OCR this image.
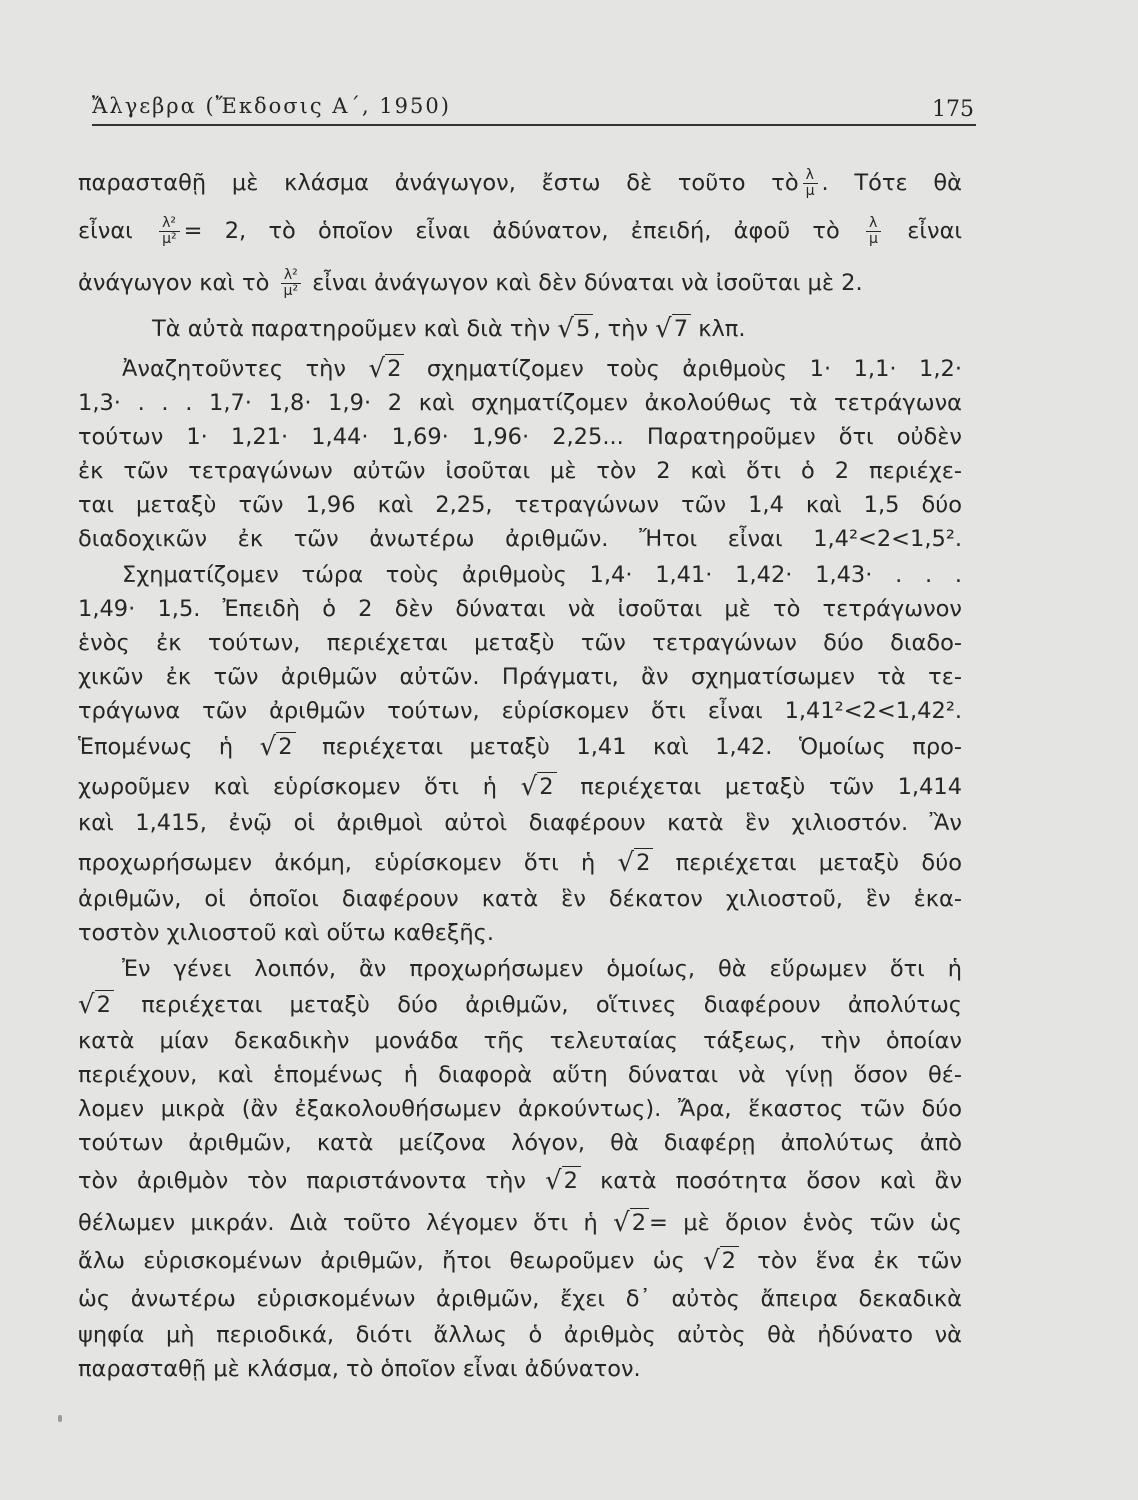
Ἄλγεβρα (Ἔκδοσις Α΄, 1950)	175
παρασταθῇ μὲ κλάσμα ἀνάγωγον, ἔστω δὲ τοῦτο τὸ $\frac{\lambda}{\mu}$ . Τότε θὰ
εἶναι $\frac{\text{λ²}}{\text{μ²}} = 2$, τὸ ὁποῖον εἶναι ἀδύνατον, ἐπειδή, ἀφοῦ τὸ $\frac{\lambda}{\mu}$ εἶναι
ἀνάγωγον καὶ τὸ $\frac{\text{λ²}}{\text{μ²}}$ εἶναι ἀνάγωγον καὶ δὲν δύναται νὰ ἰσοῦται μὲ 2.
Τὰ αὐτὰ παρατηροῦμεν καὶ διὰ τὴν √5 , τὴν √7 κλπ.
Ἀναζητοῦντες τὴν √2 σχηματίζομεν τοὺς ἀριθμοὺς 1· 1,1· 1,2·
1,3· . . . 1,7· 1,8· 1,9· 2 καὶ σχηματίζομεν ἀκολούθως τὰ τετράγωνα
τούτων 1· 1,21· 1,44· 1,69· 1,96· 2,25... Παρατηροῦμεν ὅτι οὐδὲν
ἐκ τῶν τετραγώνων αὐτῶν ἰσοῦται μὲ τὸν 2 καὶ ὅτι ὁ 2 περιέχε-
ται μεταξὺ τῶν 1,96 καὶ 2,25, τετραγώνων τῶν 1,4 καὶ 1,5 δύο
διαδοχικῶν ἐκ τῶν ἀνωτέρω ἀριθμῶν. Ἤτοι εἶναι 1,4²<2<1,5².
Σχηματίζομεν τώρα τοὺς ἀριθμοὺς 1,4· 1,41· 1,42· 1,43· . . .
1,49· 1,5. Ἐπειδὴ ὁ 2 δὲν δύναται νὰ ἰσοῦται μὲ τὸ τετράγωνον
ἑνὸς ἐκ τούτων, περιέχεται μεταξὺ τῶν τετραγώνων δύο διαδο-
χικῶν ἐκ τῶν ἀριθμῶν αὐτῶν. Πράγματι, ἂν σχηματίσωμεν τὰ τε-
τράγωνα τῶν ἀριθμῶν τούτων, εὑρίσκομεν ὅτι εἶναι 1,41²<2<1,42².
Ἑπομένως ἡ √2 περιέχεται μεταξὺ 1,41 καὶ 1,42. Ὁμοίως προ-
χωροῦμεν καὶ εὑρίσκομεν ὅτι ἡ √2 περιέχεται μεταξὺ τῶν 1,414
καὶ 1,415, ἐνῷ οἱ ἀριθμοὶ αὐτοὶ διαφέρουν κατὰ ἓν χιλιοστόν. Ἂν
προχωρήσωμεν ἀκόμη, εὑρίσκομεν ὅτι ἡ √2 περιέχεται μεταξὺ δύο
ἀριθμῶν, οἱ ὁποῖοι διαφέρουν κατὰ ἓν δέκατον χιλιοστοῦ, ἓν ἑκα-
τοστὸν χιλιοστοῦ καὶ οὕτω καθεξῆς.
Ἐν γένει λοιπόν, ἂν προχωρήσωμεν ὁμοίως, θὰ εὕρωμεν ὅτι ἡ
√2 περιέχεται μεταξὺ δύο ἀριθμῶν, οἵτινες διαφέρουν ἀπολύτως
κατὰ μίαν δεκαδικὴν μονάδα τῆς τελευταίας τάξεως, τὴν ὁποίαν
περιέχουν, καὶ ἑπομένως ἡ διαφορὰ αὕτη δύναται νὰ γίνῃ ὅσον θέ-
λομεν μικρὰ (ἂν ἐξακολουθήσωμεν ἀρκούντως). Ἄρα, ἕκαστος τῶν δύο
τούτων ἀριθμῶν, κατὰ μείζονα λόγον, θὰ διαφέρῃ ἀπολύτως ἀπὸ
τὸν ἀριθμὸν τὸν παριστάνοντα τὴν √2 κατὰ ποσότητα ὅσον καὶ ἂν
θέλωμεν μικράν. Διὰ τοῦτο λέγομεν ὅτι ἡ √2 = μὲ ὅριον ἑνὸς τῶν ὡς
ἄλω εὑρισκομένων ἀριθμῶν, ἤτοι θεωροῦμεν ὡς √2 τὸν ἕνα ἐκ τῶν
ὡς ἀνωτέρω εὑρισκομένων ἀριθμῶν, ἔχει δ᾽ αὐτὸς ἄπειρα δεκαδικὰ
ψηφία μὴ περιοδικά, διότι ἄλλως ὁ ἀριθμὸς αὐτὸς θὰ ἠδύνατο νὰ
παρασταθῇ μὲ κλάσμα, τὸ ὁποῖον εἶναι ἀδύνατον.
